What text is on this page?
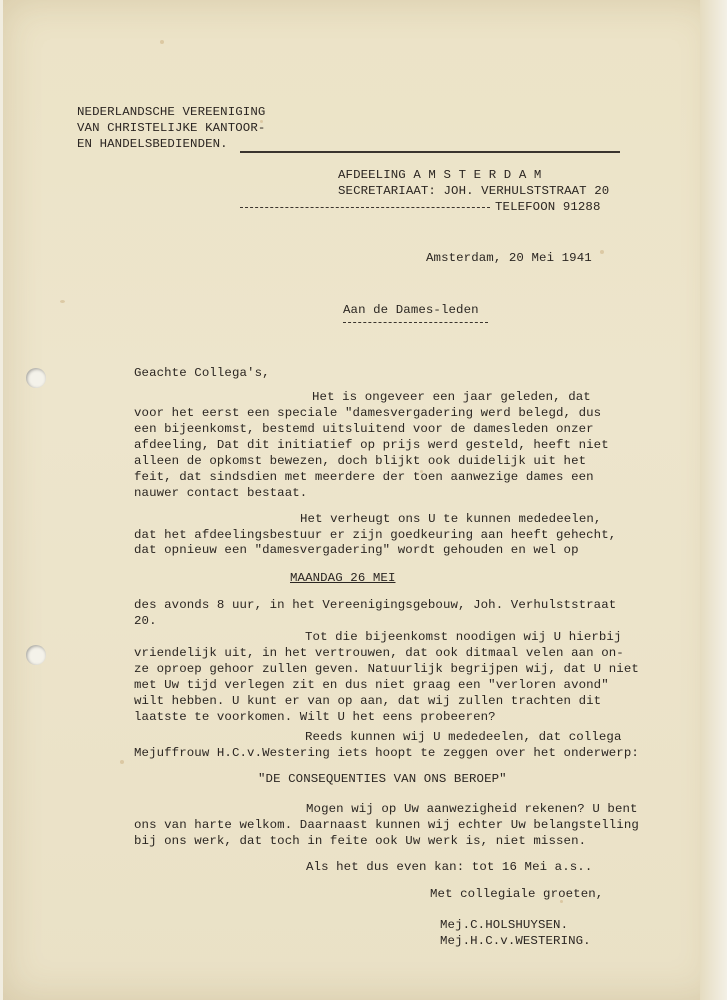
NEDERLANDSCHE VEREENIGING
VAN CHRISTELIJKE KANTOOR-
EN HANDELSBEDIENDEN.
AFDEELING A M S T E R D A M
SECRETARIAAT: JOH. VERHULSTSTRAAT 20
TELEFOON 91288
Amsterdam, 20 Mei 1941
Aan de Dames-leden
Geachte Collega's,
Het is ongeveer een jaar geleden, dat
voor het eerst een speciale "damesvergadering werd belegd, dus
een bijeenkomst, bestemd uitsluitend voor de damesleden onzer
afdeeling, Dat dit initiatief op prijs werd gesteld, heeft niet
alleen de opkomst bewezen, doch blijkt ook duidelijk uit het
feit, dat sindsdien met meerdere der toen aanwezige dames een
nauwer contact bestaat.
Het verheugt ons U te kunnen mededeelen,
dat het afdeelingsbestuur er zijn goedkeuring aan heeft gehecht,
dat opnieuw een "damesvergadering" wordt gehouden en wel op
MAANDAG 26 MEI
des avonds 8 uur, in het Vereenigingsgebouw, Joh. Verhulststraat
20.
Tot die bijeenkomst noodigen wij U hierbij
vriendelijk uit, in het vertrouwen, dat ook ditmaal velen aan on-
ze oproep gehoor zullen geven. Natuurlijk begrijpen wij, dat U niet
met Uw tijd verlegen zit en dus niet graag een "verloren avond"
wilt hebben. U kunt er van op aan, dat wij zullen trachten dit
laatste te voorkomen. Wilt U het eens probeeren?
Reeds kunnen wij U mededeelen, dat collega
Mejuffrouw H.C.v.Westering iets hoopt te zeggen over het onderwerp:
"DE CONSEQUENTIES VAN ONS BEROEP"
Mogen wij op Uw aanwezigheid rekenen? U bent
ons van harte welkom. Daarnaast kunnen wij echter Uw belangstelling
bij ons werk, dat toch in feite ook Uw werk is, niet missen.
Als het dus even kan: tot 16 Mei a.s..
Met collegiale groeten,
Mej.C.HOLSHUYSEN.
Mej.H.C.v.WESTERING.
